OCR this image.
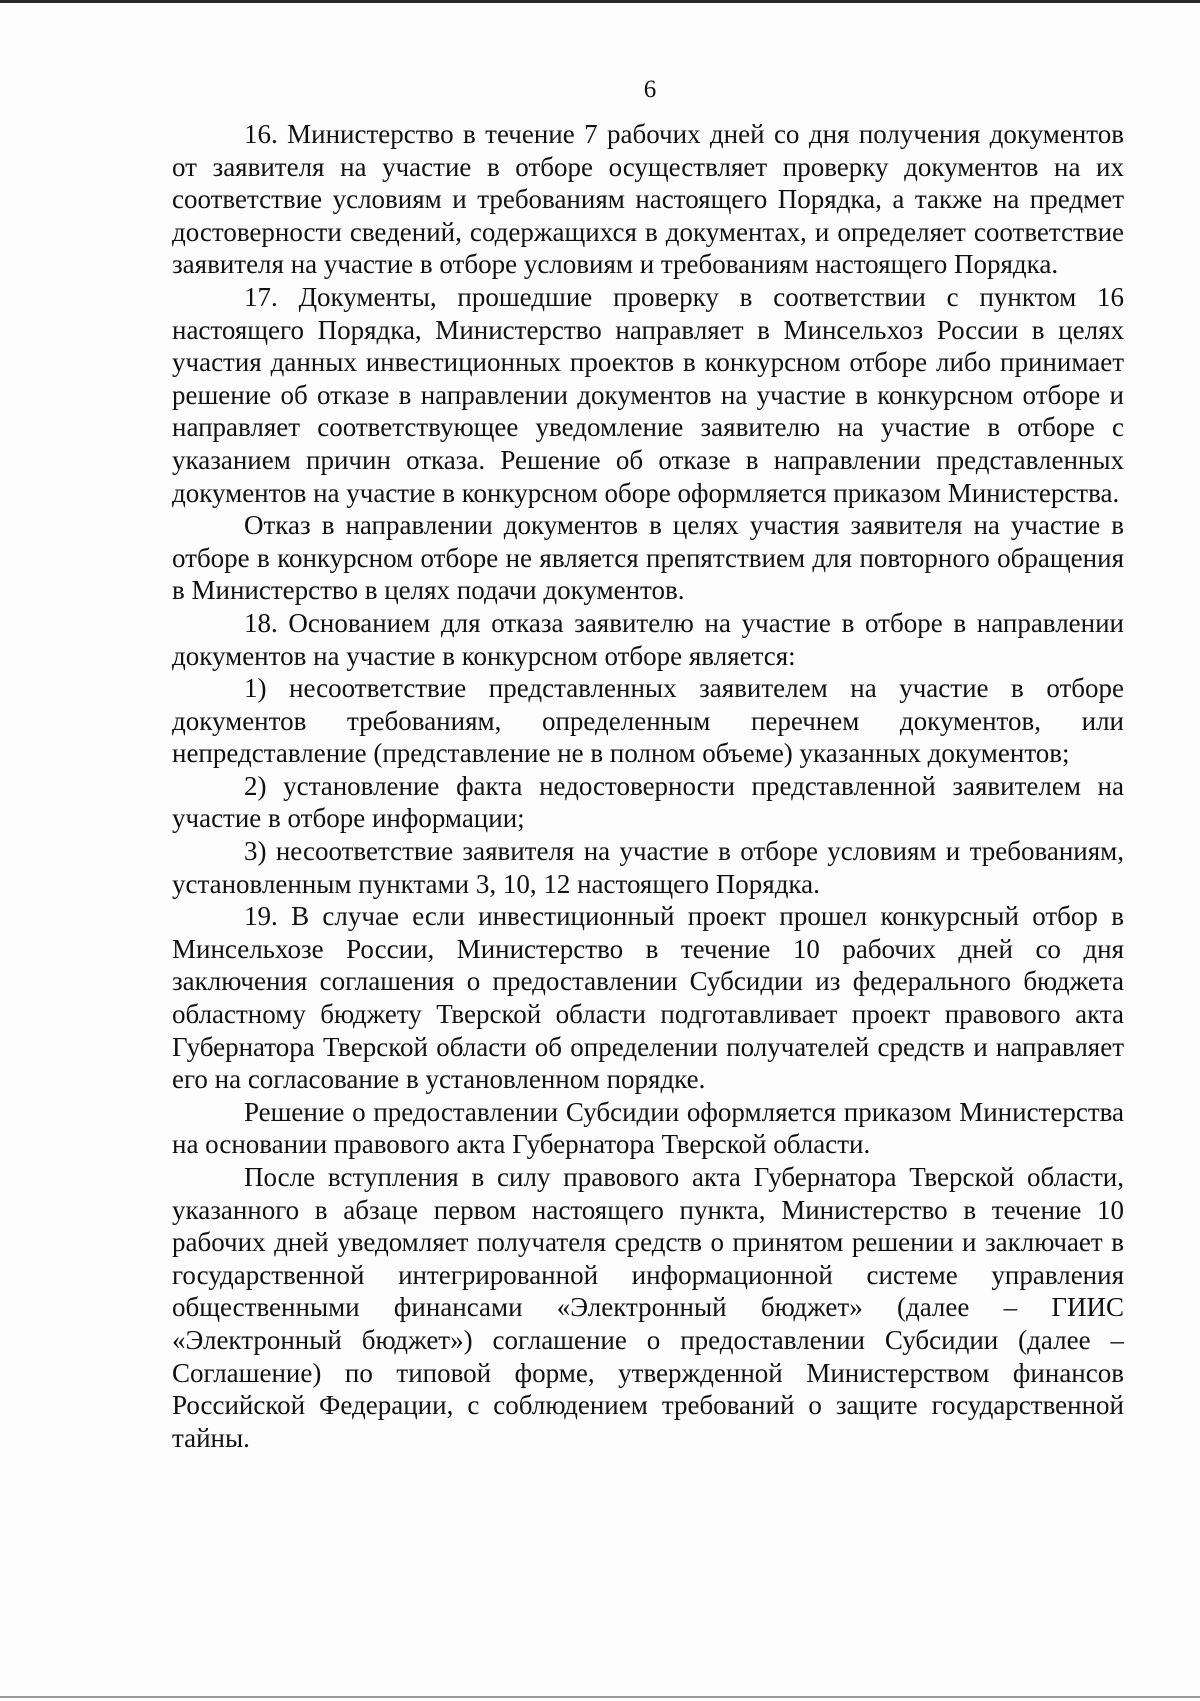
6

16. Министерство в течение 7 рабочих дней со дня получения документов от заявителя на участие в отборе осуществляет проверку документов на их соответствие условиям и требованиям настоящего Порядка, а также на предмет достоверности сведений, содержащихся в документах, и определяет соответствие заявителя на участие в отборе условиям и требованиям настоящего Порядка.

17. Документы, прошедшие проверку в соответствии с пунктом 16 настоящего Порядка, Министерство направляет в Минсельхоз России в целях участия данных инвестиционных проектов в конкурсном отборе либо принимает решение об отказе в направлении документов на участие в конкурсном отборе и направляет соответствующее уведомление заявителю на участие в отборе с указанием причин отказа. Решение об отказе в направлении представленных документов на участие в конкурсном оборе оформляется приказом Министерства.

Отказ в направлении документов в целях участия заявителя на участие в отборе в конкурсном отборе не является препятствием для повторного обращения в Министерство в целях подачи документов.

18. Основанием для отказа заявителю на участие в отборе в направлении документов на участие в конкурсном отборе является:

1) несоответствие представленных заявителем на участие в отборе документов требованиям, определенным перечнем документов, или непредставление (представление не в полном объеме) указанных документов;

2) установление факта недостоверности представленной заявителем на участие в отборе информации;

3) несоответствие заявителя на участие в отборе условиям и требованиям, установленным пунктами 3, 10, 12 настоящего Порядка.

19. В случае если инвестиционный проект прошел конкурсный отбор в Минсельхозе России, Министерство в течение 10 рабочих дней со дня заключения соглашения о предоставлении Субсидии из федерального бюджета областному бюджету Тверской области подготавливает проект правового акта Губернатора Тверской области об определении получателей средств и направляет его на согласование в установленном порядке.

Решение о предоставлении Субсидии оформляется приказом Министерства на основании правового акта Губернатора Тверской области.

После вступления в силу правового акта Губернатора Тверской области, указанного в абзаце первом настоящего пункта, Министерство в течение 10 рабочих дней уведомляет получателя средств о принятом решении и заключает в государственной интегрированной информационной системе управления общественными финансами «Электронный бюджет» (далее – ГИИС «Электронный бюджет») соглашение о предоставлении Субсидии (далее – Соглашение) по типовой форме, утвержденной Министерством финансов Российской Федерации, с соблюдением требований о защите государственной тайны.
